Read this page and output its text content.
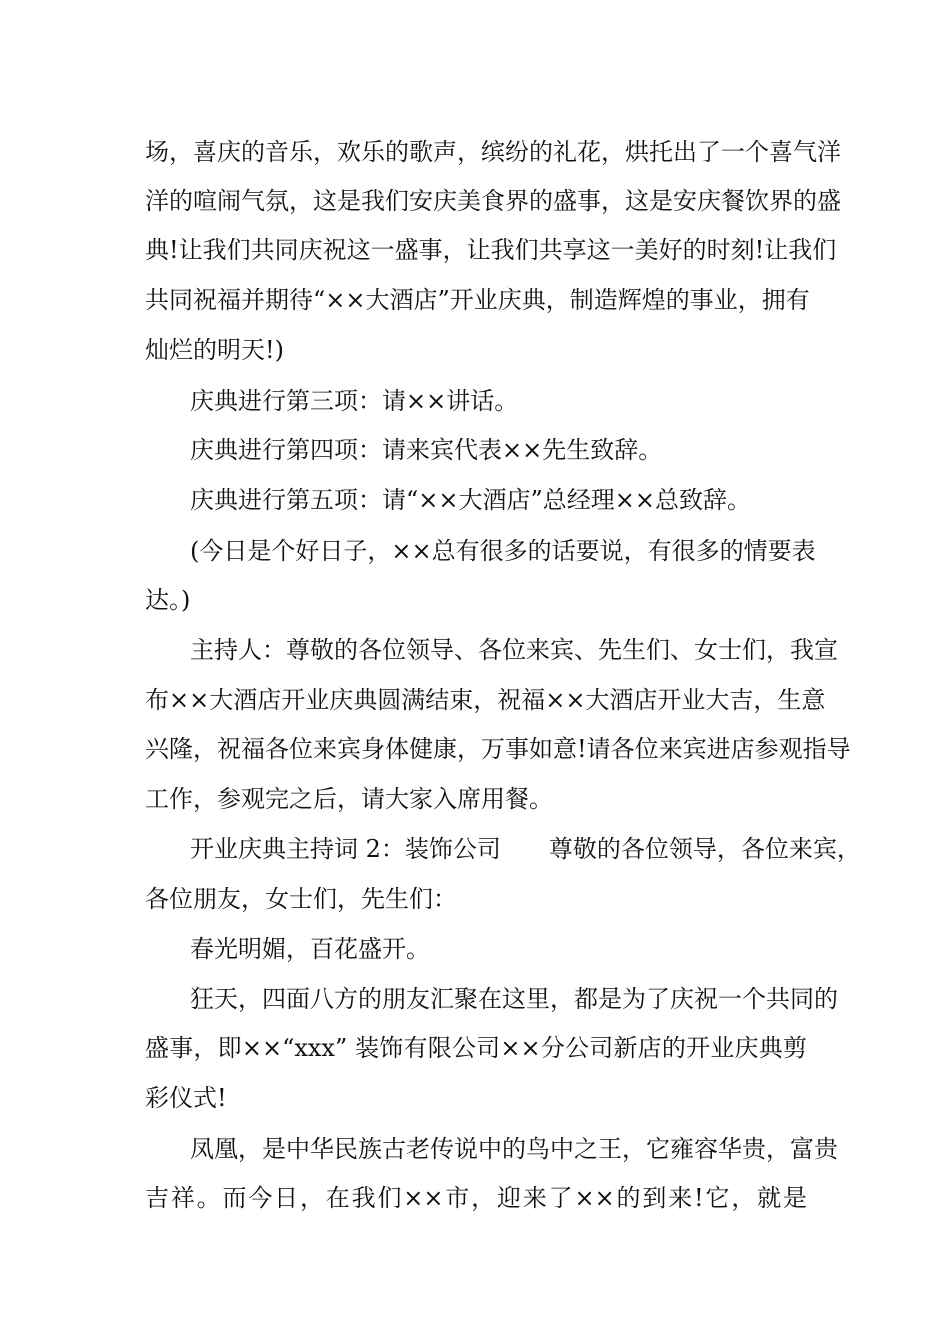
场，喜庆的音乐，欢乐的歌声，缤纷的礼花，烘托出了一个喜气洋
洋的喧闹气氛，这是我们安庆美食界的盛事，这是安庆餐饮界的盛
典!让我们共同庆祝这一盛事，让我们共享这一美好的时刻!让我们
共同祝福并期待“××大酒店”开业庆典，制造辉煌的事业，拥有
灿烂的明天!)
庆典进行第三项：请××讲话。
庆典进行第四项：请来宾代表××先生致辞。
庆典进行第五项：请“××大酒店”总经理××总致辞。
(今日是个好日子，××总有很多的话要说，有很多的情要表
达。)
主持人：尊敬的各位领导、各位来宾、先生们、女士们，我宣
布××大酒店开业庆典圆满结束，祝福××大酒店开业大吉，生意
兴隆，祝福各位来宾身体健康，万事如意!请各位来宾进店参观指导
工作，参观完之后，请大家入席用餐。
开业庆典主持词 2：装饰公司　　尊敬的各位领导，各位来宾，
各位朋友，女士们，先生们：
春光明媚，百花盛开。
狂天，四面八方的朋友汇聚在这里，都是为了庆祝一个共同的
盛事，即××“xxx” 装饰有限公司××分公司新店的开业庆典剪
彩仪式!
凤凰，是中华民族古老传说中的鸟中之王，它雍容华贵，富贵
吉祥。而今日，在我们××市，迎来了××的到来!它，就是
